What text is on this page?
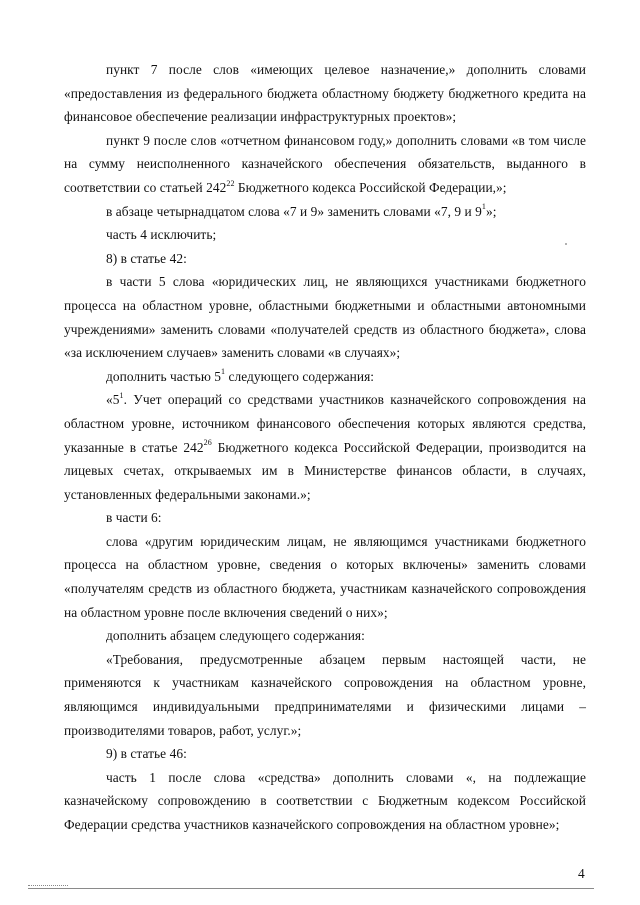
пункт 7 после слов «имеющих целевое назначение,» дополнить словами «предоставления из федерального бюджета областному бюджету бюджетного кредита на финансовое обеспечение реализации инфраструктурных проектов»;

пункт 9 после слов «отчетном финансовом году,» дополнить словами «в том числе на сумму неисполненного казначейского обеспечения обязательств, выданного в соответствии со статьей $242^{22}$ Бюджетного кодекса Российской Федерации,»;

в абзаце четырнадцатом слова «7 и 9» заменить словами «7, 9 и $9^1$»;

часть 4 исключить;

8) в статье 42:

в части 5 слова «юридических лиц, не являющихся участниками бюджетного процесса на областном уровне, областными бюджетными и областными автономными учреждениями» заменить словами «получателей средств из областного бюджета», слова «за исключением случаев» заменить словами «в случаях»;

дополнить частью $5^1$ следующего содержания:

«$5^1$. Учет операций со средствами участников казначейского сопровождения на областном уровне, источником финансового обеспечения которых являются средства, указанные в статье $242^{26}$ Бюджетного кодекса Российской Федерации, производится на лицевых счетах, открываемых им в Министерстве финансов области, в случаях, установленных федеральными законами.»;

в части 6:

слова «другим юридическим лицам, не являющимся участниками бюджетного процесса на областном уровне, сведения о которых включены» заменить словами «получателям средств из областного бюджета, участникам казначейского сопровождения на областном уровне после включения сведений о них»;

дополнить абзацем следующего содержания:

«Требования, предусмотренные абзацем первым настоящей части, не применяются к участникам казначейского сопровождения на областном уровне, являющимся индивидуальными предпринимателями и физическими лицами – производителями товаров, работ, услуг.»;

9) в статье 46:

часть 1 после слова «средства» дополнить словами «, на подлежащие казначейскому сопровождению в соответствии с Бюджетным кодексом Российской Федерации средства участников казначейского сопровождения на областном уровне»;

4
